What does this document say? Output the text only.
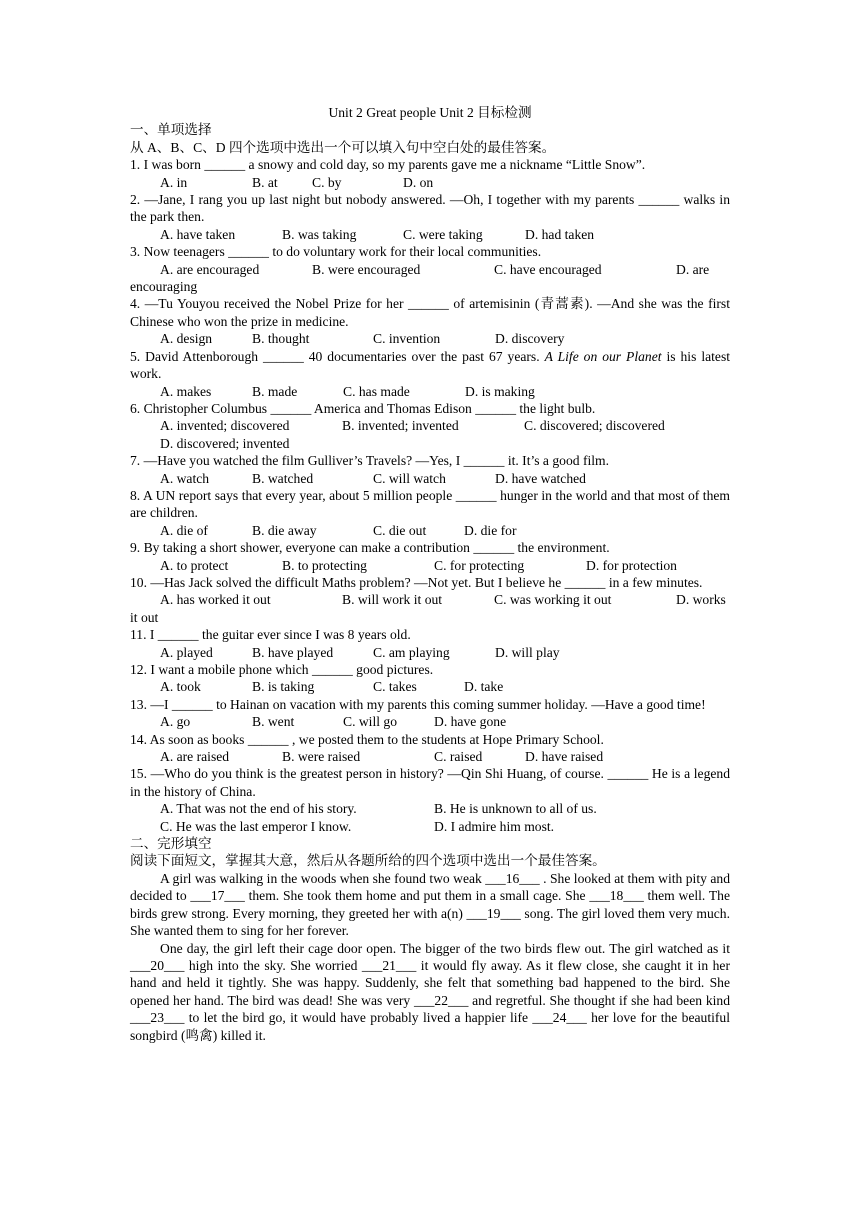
Unit 2 Great people Unit 2 目标检测
一、单项选择
从 A、B、C、D 四个选项中选出一个可以填入句中空白处的最佳答案。
1. I was born ______ a snowy and cold day, so my parents gave me a nickname “Little Snow”.
A. in	B. at	C. by	D. on
2. —Jane, I rang you up last night but nobody answered. —Oh, I together with my parents ______ walks in the park then.
A. have taken	B. was taking	C. were taking	D. had taken
3. Now teenagers ______ to do voluntary work for their local communities.
A. are encouraged	B. were encouraged	C. have encouraged	D. are encouraging
4. —Tu Youyou received the Nobel Prize for her ______ of artemisinin (青蒿素). —And she was the first Chinese who won the prize in medicine.
A. design	B. thought	C. invention	D. discovery
5. David Attenborough ______ 40 documentaries over the past 67 years. A Life on our Planet is his latest work.
A. makes	B. made	C. has made	D. is making
6. Christopher Columbus ______ America and Thomas Edison ______ the light bulb.
A. invented; discovered	B. invented; invented	C. discovered; discovered
D. discovered; invented
7. —Have you watched the film Gulliver’s Travels? —Yes, I ______ it. It’s a good film.
A. watch	B. watched	C. will watch	D. have watched
8. A UN report says that every year, about 5 million people ______ hunger in the world and that most of them are children.
A. die of	B. die away	C. die out	D. die for
9. By taking a short shower, everyone can make a contribution ______ the environment.
A. to protect	B. to protecting	C. for protecting	D. for protection
10. —Has Jack solved the difficult Maths problem? —Not yet. But I believe he ______ in a few minutes.
A. has worked it out	B. will work it out	C. was working it out	D. works it out
11. I ______ the guitar ever since I was 8 years old.
A. played	B. have played	C. am playing	D. will play
12. I want a mobile phone which ______ good pictures.
A. took	B. is taking	C. takes	D. take
13. —I ______ to Hainan on vacation with my parents this coming summer holiday. —Have a good time!
A. go	B. went	C. will go	D. have gone
14. As soon as books ______ , we posted them to the students at Hope Primary School.
A. are raised	B. were raised	C. raised	D. have raised
15. —Who do you think is the greatest person in history? —Qin Shi Huang, of course. ______ He is a legend in the history of China.
A. That was not the end of his story.	B. He is unknown to all of us.
C. He was the last emperor I know.	D. I admire him most.
二、完形填空
阅读下面短文，掌握其大意，然后从各题所给的四个选项中选出一个最佳答案。
A girl was walking in the woods when she found two weak ___16___ . She looked at them with pity and decided to ___17___ them. She took them home and put them in a small cage. She ___18___ them well. The birds grew strong. Every morning, they greeted her with a(n) ___19___ song. The girl loved them very much. She wanted them to sing for her forever.
One day, the girl left their cage door open. The bigger of the two birds flew out. The girl watched as it ___20___ high into the sky. She worried ___21___ it would fly away. As it flew close, she caught it in her hand and held it tightly. She was happy. Suddenly, she felt that something bad happened to the bird. She opened her hand. The bird was dead! She was very ___22___ and regretful. She thought if she had been kind ___23___ to let the bird go, it would have probably lived a happier life ___24___ her love for the beautiful songbird (鸣禽) killed it.
